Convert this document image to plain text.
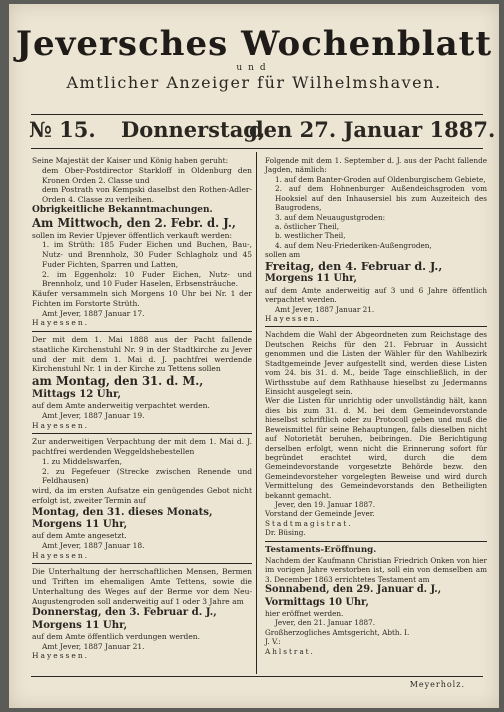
Jeversches Wochenblatt
und
Amtlicher Anzeiger für Wilhelmshaven.
№ 15. Donnerstag,den 27. Januar 1887.

Seine Majestät der Kaiser und König haben geruht:

dem Ober-Postdirector Starkloff in Oldenburg den Kronen Orden 2. Classe und

dem Postrath von Kempski daselbst den Rothen-Adler-Orden 4. Classe zu verleihen.

Obrigkeitliche Bekanntmachungen.

Am Mittwoch, den 2. Febr. d. J.,

sollen im Revier Upjever öffentlich verkauft werden:

1. im Strüth: 185 Fuder Eichen und Buchen, Bau-, Nutz- und Brennholz, 30 Fuder Schlagholz und 45 Fuder Fichten, Sparren und Latten,

2. im Eggenholz: 10 Fuder Eichen, Nutz- und Brennholz, und 10 Fuder Haselen, Erbsensträuche.

Käufer versammeln sich Morgens 10 Uhr bei Nr. 1 der Fichten im Forstorte Strüth.

Amt Jever, 1887 Januar 17.

Hayessen.

Der mit dem 1. Mai 1888 aus der Pacht fallende staatliche Kirchenstuhl Nr. 9 in der Stadtkirche zu Jever und der mit dem 1. Mai d. J. pachtfrei werdende Kirchenstuhl Nr. 1 in der Kirche zu Tettens sollen

am Montag, den 31. d. M.,

Mittags 12 Uhr,

auf dem Amte anderweitig verpachtet werden.

Amt Jever, 1887 Januar 19.

Hayessen.

Zur anderweitigen Verpachtung der mit dem 1. Mai d. J. pachtfrei werdenden Weggeldshebestellen

1. zu Middelswarfen,

2. zu Fegefeuer (Strecke zwischen Renende und Feldhausen)

wird, da im ersten Aufsatze ein genügendes Gebot nicht erfolgt ist, zweiter Termin auf

Montag, den 31. dieses Monats,

Morgens 11 Uhr,

auf dem Amte angesetzt.

Amt Jever, 1887 Januar 18.

Hayessen.

Die Unterhaltung der herrschaftlichen Mensen, Bermen und Triften im ehemaligen Amte Tettens, sowie die Unterhaltung des Weges auf der Berme vor dem Neu-Augustengroden soll anderweitig auf 1 oder 3 Jahre am

Donnerstag, den 3. Februar d. J.,

Morgens 11 Uhr,

auf dem Amte öffentlich verdungen werden.

Amt Jever, 1887 Januar 21.

Hayessen.

Folgende mit dem 1. September d. J. aus der Pacht fallende Jagden, nämlich:

1. auf dem Banter-Groden auf Oldenburgischem Gebiete,

2. auf dem Hohnenburger Außendeichsgroden vom Hooksiel auf den Inhausersiel bis zum Auzeiteich des Baugrodens,

3. auf dem Neuaugustgroden:

a. östlicher Theil,

b. westlicher Theil,

4. auf dem Neu-Friederiken-Außengroden,

sollen am

Freitag, den 4. Februar d. J.,

Morgens 11 Uhr,

auf dem Amte anderweitig auf 3 und 6 Jahre öffentlich verpachtet werden.

Amt Jever, 1887 Januar 21.

Hayessen.

Nachdem die Wahl der Abgeordneten zum Reichstage des Deutschen Reichs für den 21. Februar in Aussicht genommen und die Listen der Wähler für den Wahlbezirk Stadtgemeinde Jever aufgestellt sind, werden diese Listen vom 24. bis 31. d. M., beide Tage einschließlich, in der Wirthsstube auf dem Rathhause hieselbst zu Jedermanns Einsicht ausgelegt sein.

Wer die Listen für unrichtig oder unvollständig hält, kann dies bis zum 31. d. M. bei dem Gemeindevorstande hieselbst schriftlich oder zu Protocoll geben und muß die Beweismittel für seine Behauptungen, falls dieselben nicht auf Notorietät beruhen, beibringen. Die Berichtigung derselben erfolgt, wenn nicht die Erinnerung sofort für begründet erachtet wird, durch die dem Gemeindevorstande vorgesetzte Behörde bezw. den Gemeindevorsteher vorgelegten Beweise und wird durch Vermittelung des Gemeindevorstands den Betheiligten bekannt gemacht.

Jever, den 19. Januar 1887.

Vorstand der Gemeinde Jever.

Stadtmagistrat.

Dr. Büsing.

Testaments-Eröffnung.

Nachdem der Kaufmann Christian Friedrich Onken von hier im vorigen Jahre verstorben ist, soll ein von demselben am 3. December 1863 errichtetes Testament am

Sonnabend, den 29. Januar d. J.,

Vormittags 10 Uhr,

hier eröffnet werden.

Jever, den 21. Januar 1887.

Großherzogliches Amtsgericht, Abth. I.

J. V.:

Ahlstrat.

Meyerholz.
